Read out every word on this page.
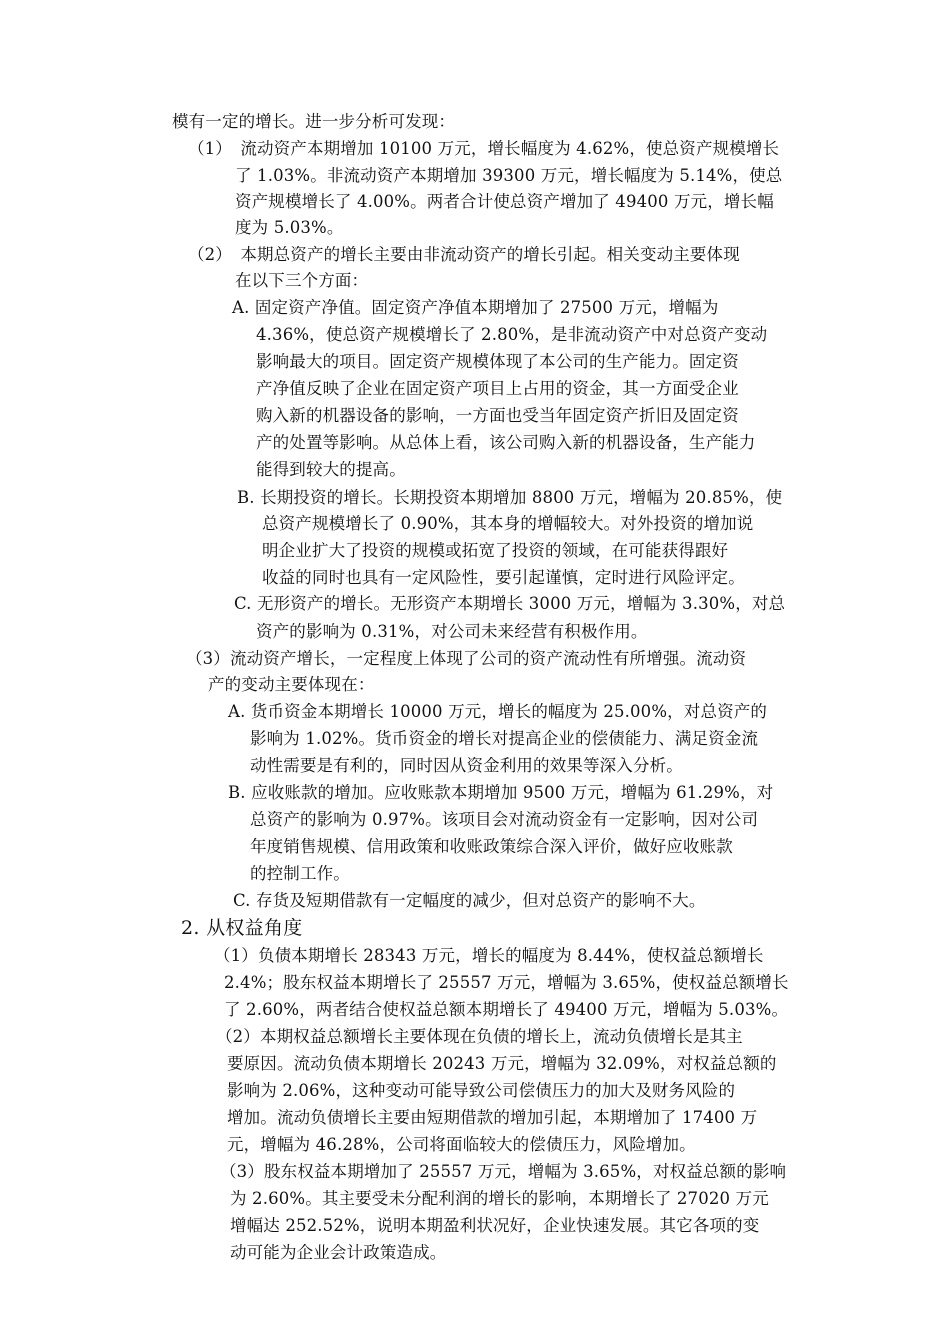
模有一定的增长。进一步分析可发现：
（1）　流动资产本期增加 10100 万元，增长幅度为 4.62%，使总资产规模增长
了 1.03%。非流动资产本期增加 39300 万元，增长幅度为 5.14%，使总
资产规模增长了 4.00%。两者合计使总资产增加了 49400 万元，增长幅
度为 5.03%。
（2）　本期总资产的增长主要由非流动资产的增长引起。相关变动主要体现
在以下三个方面：
A. 固定资产净值。固定资产净值本期增加了 27500 万元，增幅为
4.36%，使总资产规模增长了 2.80%，是非流动资产中对总资产变动
影响最大的项目。固定资产规模体现了本公司的生产能力。固定资
产净值反映了企业在固定资产项目上占用的资金，其一方面受企业
购入新的机器设备的影响，一方面也受当年固定资产折旧及固定资
产的处置等影响。从总体上看，该公司购入新的机器设备，生产能力
能得到较大的提高。
B. 长期投资的增长。长期投资本期增加 8800 万元，增幅为 20.85%，使
总资产规模增长了 0.90%，其本身的增幅较大。对外投资的增加说
明企业扩大了投资的规模或拓宽了投资的领域，在可能获得跟好
收益的同时也具有一定风险性，要引起谨慎，定时进行风险评定。
C. 无形资产的增长。无形资产本期增长 3000 万元，增幅为 3.30%，对总
资产的影响为 0.31%，对公司未来经营有积极作用。
（3）流动资产增长，一定程度上体现了公司的资产流动性有所增强。流动资
产的变动主要体现在：
A. 货币资金本期增长 10000 万元，增长的幅度为 25.00%，对总资产的
影响为 1.02%。货币资金的增长对提高企业的偿债能力、满足资金流
动性需要是有利的，同时因从资金利用的效果等深入分析。
B. 应收账款的增加。应收账款本期增加 9500 万元，增幅为 61.29%，对
总资产的影响为 0.97%。该项目会对流动资金有一定影响，因对公司
年度销售规模、信用政策和收账政策综合深入评价，做好应收账款
的控制工作。
C. 存货及短期借款有一定幅度的减少，但对总资产的影响不大。
2. 从权益角度
（1）负债本期增长 28343 万元，增长的幅度为 8.44%，使权益总额增长
2.4%；股东权益本期增长了 25557 万元，增幅为 3.65%，使权益总额增长
了 2.60%，两者结合使权益总额本期增长了 49400 万元，增幅为 5.03%。
（2）本期权益总额增长主要体现在负债的增长上，流动负债增长是其主
要原因。流动负债本期增长 20243 万元，增幅为 32.09%，对权益总额的
影响为 2.06%，这种变动可能导致公司偿债压力的加大及财务风险的
增加。流动负债增长主要由短期借款的增加引起，本期增加了 17400 万
元，增幅为 46.28%，公司将面临较大的偿债压力，风险增加。
（3）股东权益本期增加了 25557 万元，增幅为 3.65%，对权益总额的影响
为 2.60%。其主要受未分配利润的增长的影响，本期增长了 27020 万元
增幅达 252.52%，说明本期盈利状况好，企业快速发展。其它各项的变
动可能为企业会计政策造成。
